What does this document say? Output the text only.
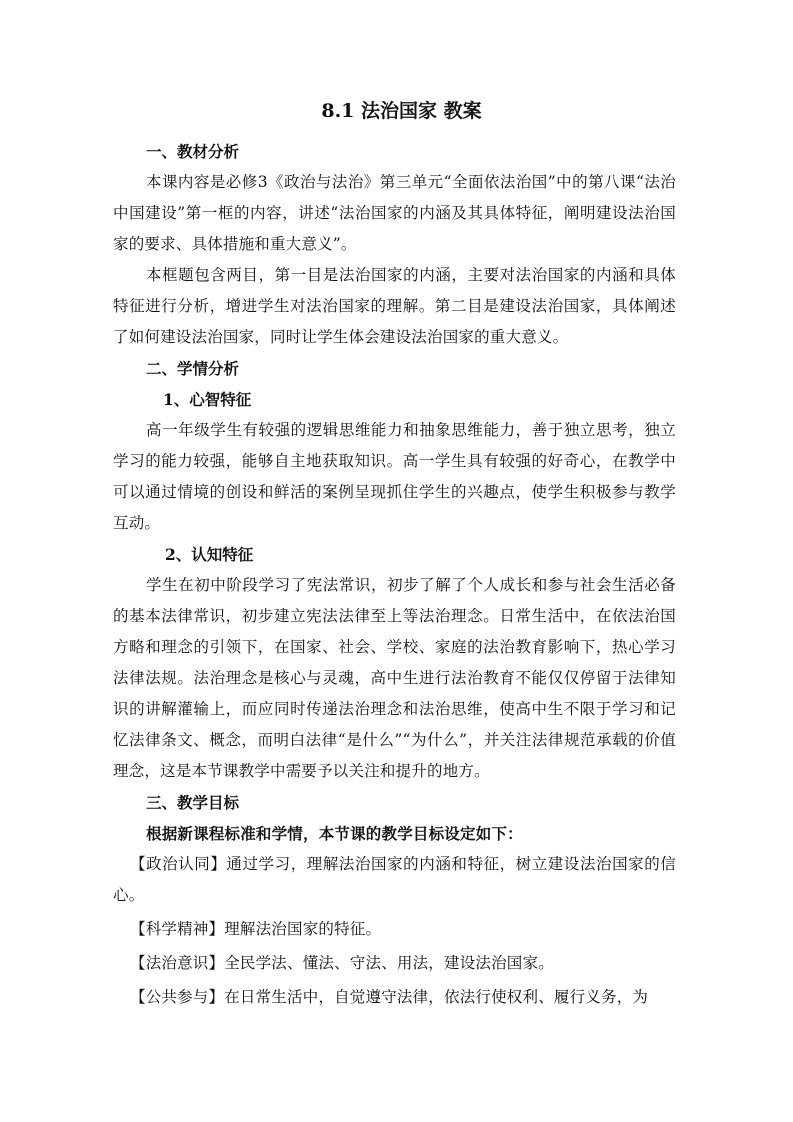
8.1 法治国家 教案
一、教材分析

本课内容是必修3《政治与法治》第三单元“全面依法治国”中的第八课“法治中国建设”第一框的内容，讲述“法治国家的内涵及其具体特征，阐明建设法治国家的要求、具体措施和重大意义”。

本框题包含两目，第一目是法治国家的内涵，主要对法治国家的内涵和具体特征进行分析，增进学生对法治国家的理解。第二目是建设法治国家，具体阐述了如何建设法治国家，同时让学生体会建设法治国家的重大意义。

二、学情分析
1、心智特征

高一年级学生有较强的逻辑思维能力和抽象思维能力，善于独立思考，独立学习的能力较强，能够自主地获取知识。高一学生具有较强的好奇心，在教学中可以通过情境的创设和鲜活的案例呈现抓住学生的兴趣点，使学生积极参与教学互动。

2、认知特征

学生在初中阶段学习了宪法常识，初步了解了个人成长和参与社会生活必备的基本法律常识，初步建立宪法法律至上等法治理念。日常生活中，在依法治国方略和理念的引领下，在国家、社会、学校、家庭的法治教育影响下，热心学习法律法规。法治理念是核心与灵魂，高中生进行法治教育不能仅仅停留于法律知识的讲解灌输上，而应同时传递法治理念和法治思维，使高中生不限于学习和记忆法律条文、概念，而明白法律“是什么”“为什么”，并关注法律规范承载的价值理念，这是本节课教学中需要予以关注和提升的地方。

三、教学目标

根据新课程标准和学情，本节课的教学目标设定如下：

【政治认同】通过学习，理解法治国家的内涵和特征，树立建设法治国家的信心。

【科学精神】理解法治国家的特征。

【法治意识】全民学法、懂法、守法、用法，建设法治国家。

【公共参与】在日常生活中，自觉遵守法律，依法行使权利、履行义务，为
